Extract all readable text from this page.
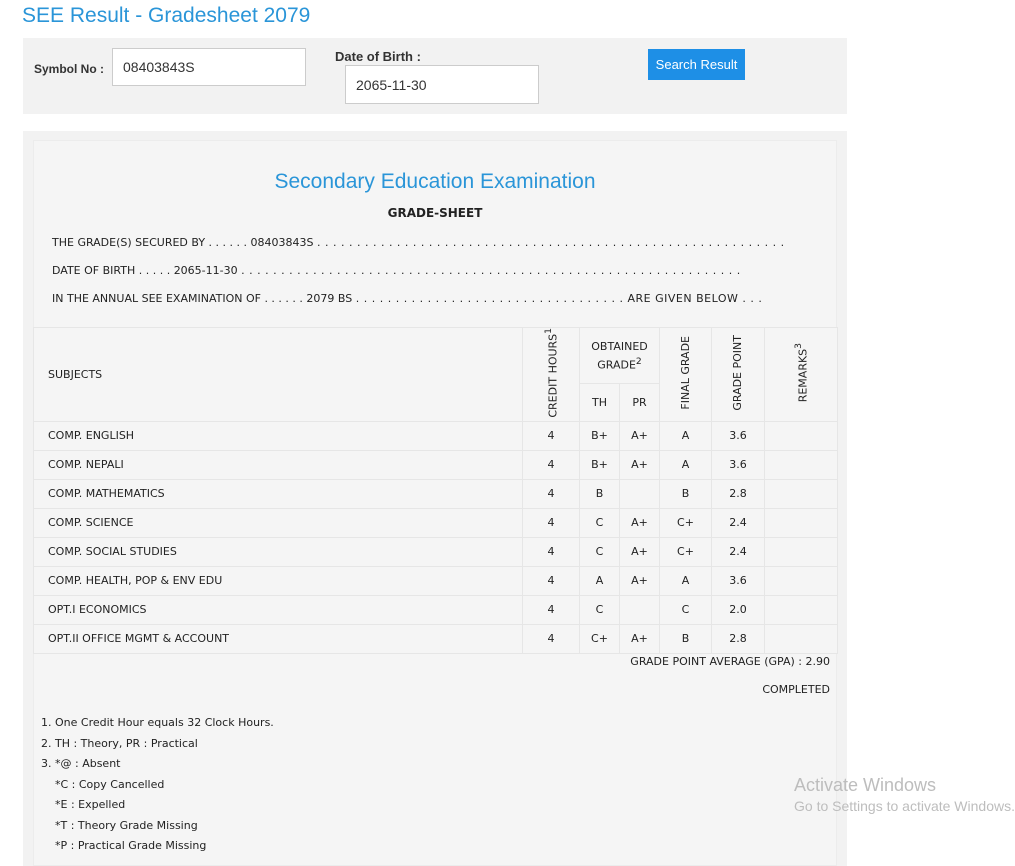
SEE Result - Gradesheet 2079
Symbol No :
08403843S
Date of Birth :
2065-11-30
Search Result
Secondary Education Examination
GRADE-SHEET
THE GRADE(S) SECURED BY . . . . . . 08403843S . . . . . . . . . . . . . . . . . . . . . . . . . . . . . . . . . . . . . . . . . . . . . . . . . . . . . . . . . . .
DATE OF BIRTH . . . . . 2065-11-30 . . . . . . . . . . . . . . . . . . . . . . . . . . . . . . . . . . . . . . . . . . . . . . . . . . . . . . . . . . . . . . .
IN THE ANNUAL SEE EXAMINATION OF . . . . . . 2079 BS . . . . . . . . . . . . . . . . . . . . . . . . . . . . . . . . . . ARE GIVEN BELOW . . .
SUBJECTS	CREDIT HOURS$^1$	OBTAINED GRADE$^2$		FINAL GRADE	GRADE POINT	REMARKS$^3$
		TH	PR			
COMP. ENGLISH	4	B+	A+	A	3.6	
COMP. NEPALI	4	B+	A+	A	3.6	
COMP. MATHEMATICS	4	B		B	2.8	
COMP. SCIENCE	4	C	A+	C+	2.4	
COMP. SOCIAL STUDIES	4	C	A+	C+	2.4	
COMP. HEALTH, POP & ENV EDU	4	A	A+	A	3.6	
OPT.I ECONOMICS	4	C		C	2.0	
OPT.II OFFICE MGMT & ACCOUNT	4	C+	A+	B	2.8	
GRADE POINT AVERAGE (GPA) : 2.90
COMPLETED
1. One Credit Hour equals 32 Clock Hours.
2. TH : Theory, PR : Practical
3. *@ : Absent
*C : Copy Cancelled
*E : Expelled
*T : Theory Grade Missing
*P : Practical Grade Missing
Activate Windows
Go to Settings to activate Windows.
